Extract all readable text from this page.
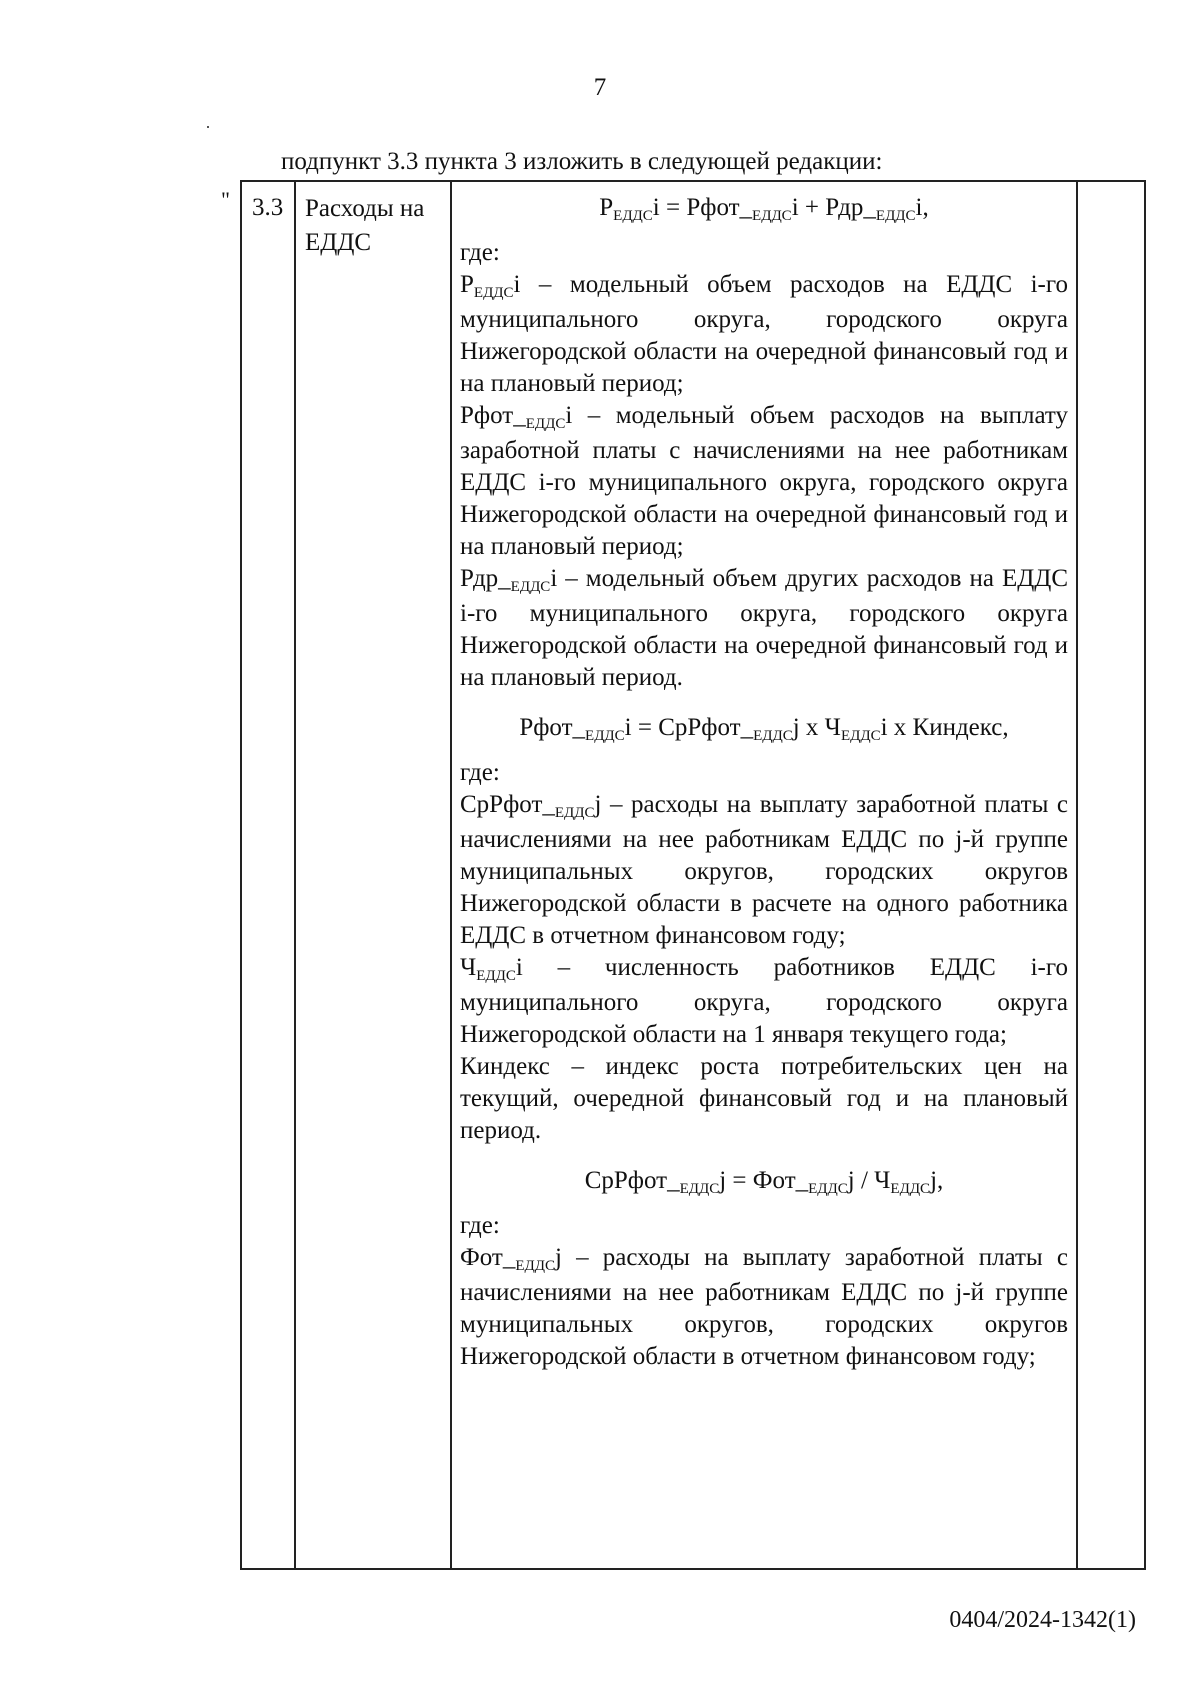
7
подпункт 3.3 пункта 3 изложить в следующей редакции:
" 3.3 Расходы на ЕДДС

$Р_{ЕДДС}i$ = $Рфот\__{ЕДДС}i$ + $Рдр\__{ЕДДС}i$,

где:

$Р_{ЕДДС}i$ – модельный объем расходов на ЕДДС i-го муниципального округа, городского округа Нижегородской области на очередной финансовый год и на плановый период;

$Рфот\__{ЕДДС}i$ – модельный объем расходов на выплату заработной платы с начислениями на нее работникам ЕДДС i-го муниципального округа, городского округа Нижегородской области на очередной финансовый год и на плановый период;

$Рдр\__{ЕДДС}i$ – модельный объем других расходов на ЕДДС i-го муниципального округа, городского округа Нижегородской области на очередной финансовый год и на плановый период.

$Рфот\__{ЕДДС}i$ = $СрРфот\__{ЕДДС}j$ x $Ч_{ЕДДС}i$ x Киндекс,

где:

$СрРфот\__{ЕДДС}j$ – расходы на выплату заработной платы с начислениями на нее работникам ЕДДС по j-й группе муниципальных округов, городских округов Нижегородской области в расчете на одного работника ЕДДС в отчетном финансовом году;

$Ч_{ЕДДС}i$ – численность работников ЕДДС i-го муниципального округа, городского округа Нижегородской области на 1 января текущего года;

Киндекс – индекс роста потребительских цен на текущий, очередной финансовый год и на плановый период.

$СрРфот\__{ЕДДС}j$ = $Фот\__{ЕДДС}j / Ч_{ЕДДС}j$,

где:

$Фот\__{ЕДДС}j$ – расходы на выплату заработной платы с начислениями на нее работникам ЕДДС по j-й группе муниципальных округов, городских округов Нижегородской области в отчетном финансовом году;

0404/2024-1342(1)
